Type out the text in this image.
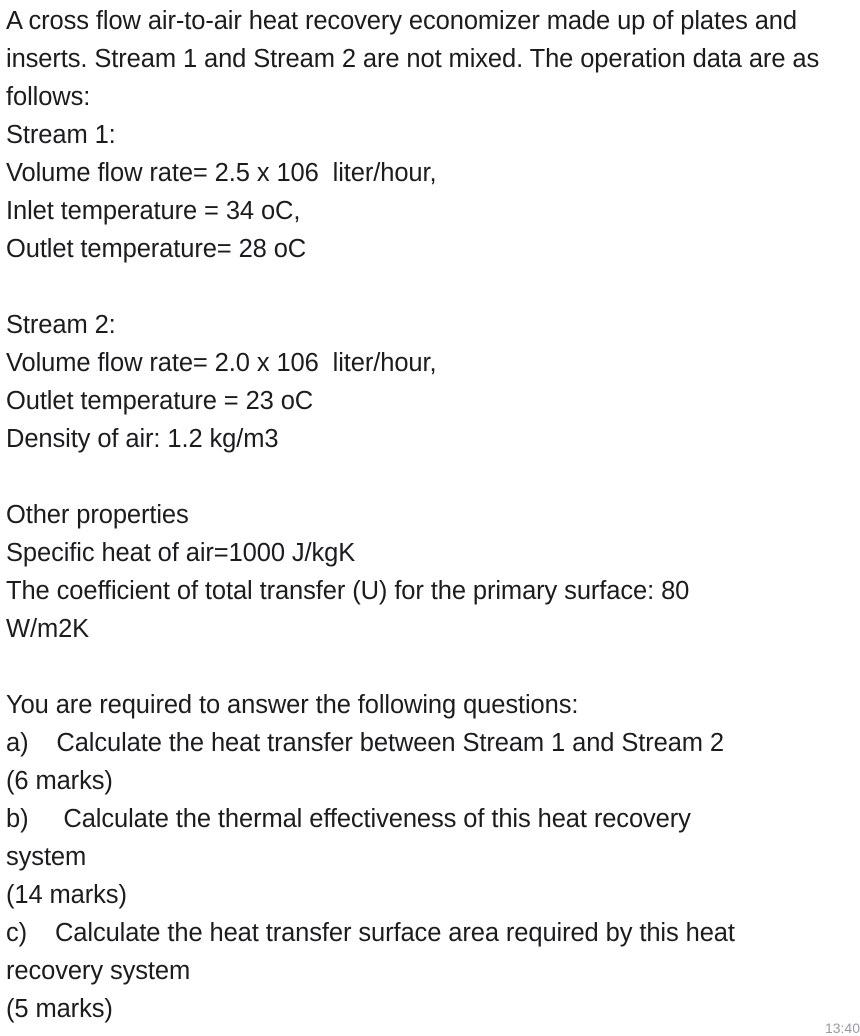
A cross flow air-to-air heat recovery economizer made up of plates and inserts. Stream 1 and Stream 2 are not mixed. The operation data are as follows:
Stream 1:
Volume flow rate= 2.5 x 106  liter/hour,
Inlet temperature = 34 oC,
Outlet temperature= 28 oC
Stream 2:
Volume flow rate= 2.0 x 106  liter/hour,
Outlet temperature = 23 oC
Density of air: 1.2 kg/m3
Other properties
Specific heat of air=1000 J/kgK
The coefficient of total transfer (U) for the primary surface: 80
W/m2K
You are required to answer the following questions:
a)    Calculate the heat transfer between Stream 1 and Stream 2
(6 marks)
b)     Calculate the thermal effectiveness of this heat recovery
system
(14 marks)
c)    Calculate the heat transfer surface area required by this heat
recovery system
(5 marks)
13:40
